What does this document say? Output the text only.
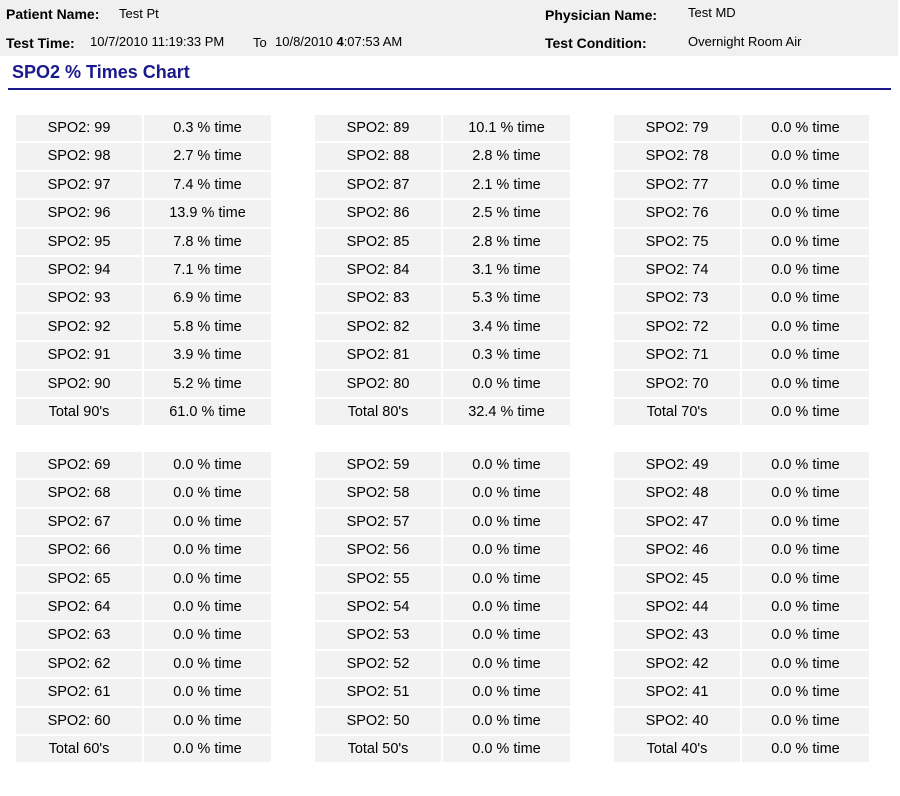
Patient Name: Test Pt	Physician Name: Test MD
Test Time: 10/7/2010 11:19:33 PM To 10/8/2010 4:07:53 AM	Test Condition:	Overnight Room Air
SPO2 % Times Chart
SPO2: 99	0.3 % time
SPO2: 98	2.7 % time
SPO2: 97	7.4 % time
SPO2: 96	13.9 % time
SPO2: 95	7.8 % time
SPO2: 94	7.1 % time
SPO2: 93	6.9 % time
SPO2: 92	5.8 % time
SPO2: 91	3.9 % time
SPO2: 90	5.2 % time
Total 90's	61.0 % time
SPO2: 89	10.1 % time
SPO2: 88	2.8 % time
SPO2: 87	2.1 % time
SPO2: 86	2.5 % time
SPO2: 85	2.8 % time
SPO2: 84	3.1 % time
SPO2: 83	5.3 % time
SPO2: 82	3.4 % time
SPO2: 81	0.3 % time
SPO2: 80	0.0 % time
Total 80's	32.4 % time
SPO2: 79	0.0 % time
SPO2: 78	0.0 % time
SPO2: 77	0.0 % time
SPO2: 76	0.0 % time
SPO2: 75	0.0 % time
SPO2: 74	0.0 % time
SPO2: 73	0.0 % time
SPO2: 72	0.0 % time
SPO2: 71	0.0 % time
SPO2: 70	0.0 % time
Total 70's	0.0 % time
SPO2: 69	0.0 % time
SPO2: 68	0.0 % time
SPO2: 67	0.0 % time
SPO2: 66	0.0 % time
SPO2: 65	0.0 % time
SPO2: 64	0.0 % time
SPO2: 63	0.0 % time
SPO2: 62	0.0 % time
SPO2: 61	0.0 % time
SPO2: 60	0.0 % time
Total 60's	0.0 % time
SPO2: 59	0.0 % time
SPO2: 58	0.0 % time
SPO2: 57	0.0 % time
SPO2: 56	0.0 % time
SPO2: 55	0.0 % time
SPO2: 54	0.0 % time
SPO2: 53	0.0 % time
SPO2: 52	0.0 % time
SPO2: 51	0.0 % time
SPO2: 50	0.0 % time
Total 50's	0.0 % time
SPO2: 49	0.0 % time
SPO2: 48	0.0 % time
SPO2: 47	0.0 % time
SPO2: 46	0.0 % time
SPO2: 45	0.0 % time
SPO2: 44	0.0 % time
SPO2: 43	0.0 % time
SPO2: 42	0.0 % time
SPO2: 41	0.0 % time
SPO2: 40	0.0 % time
Total 40's	0.0 % time
